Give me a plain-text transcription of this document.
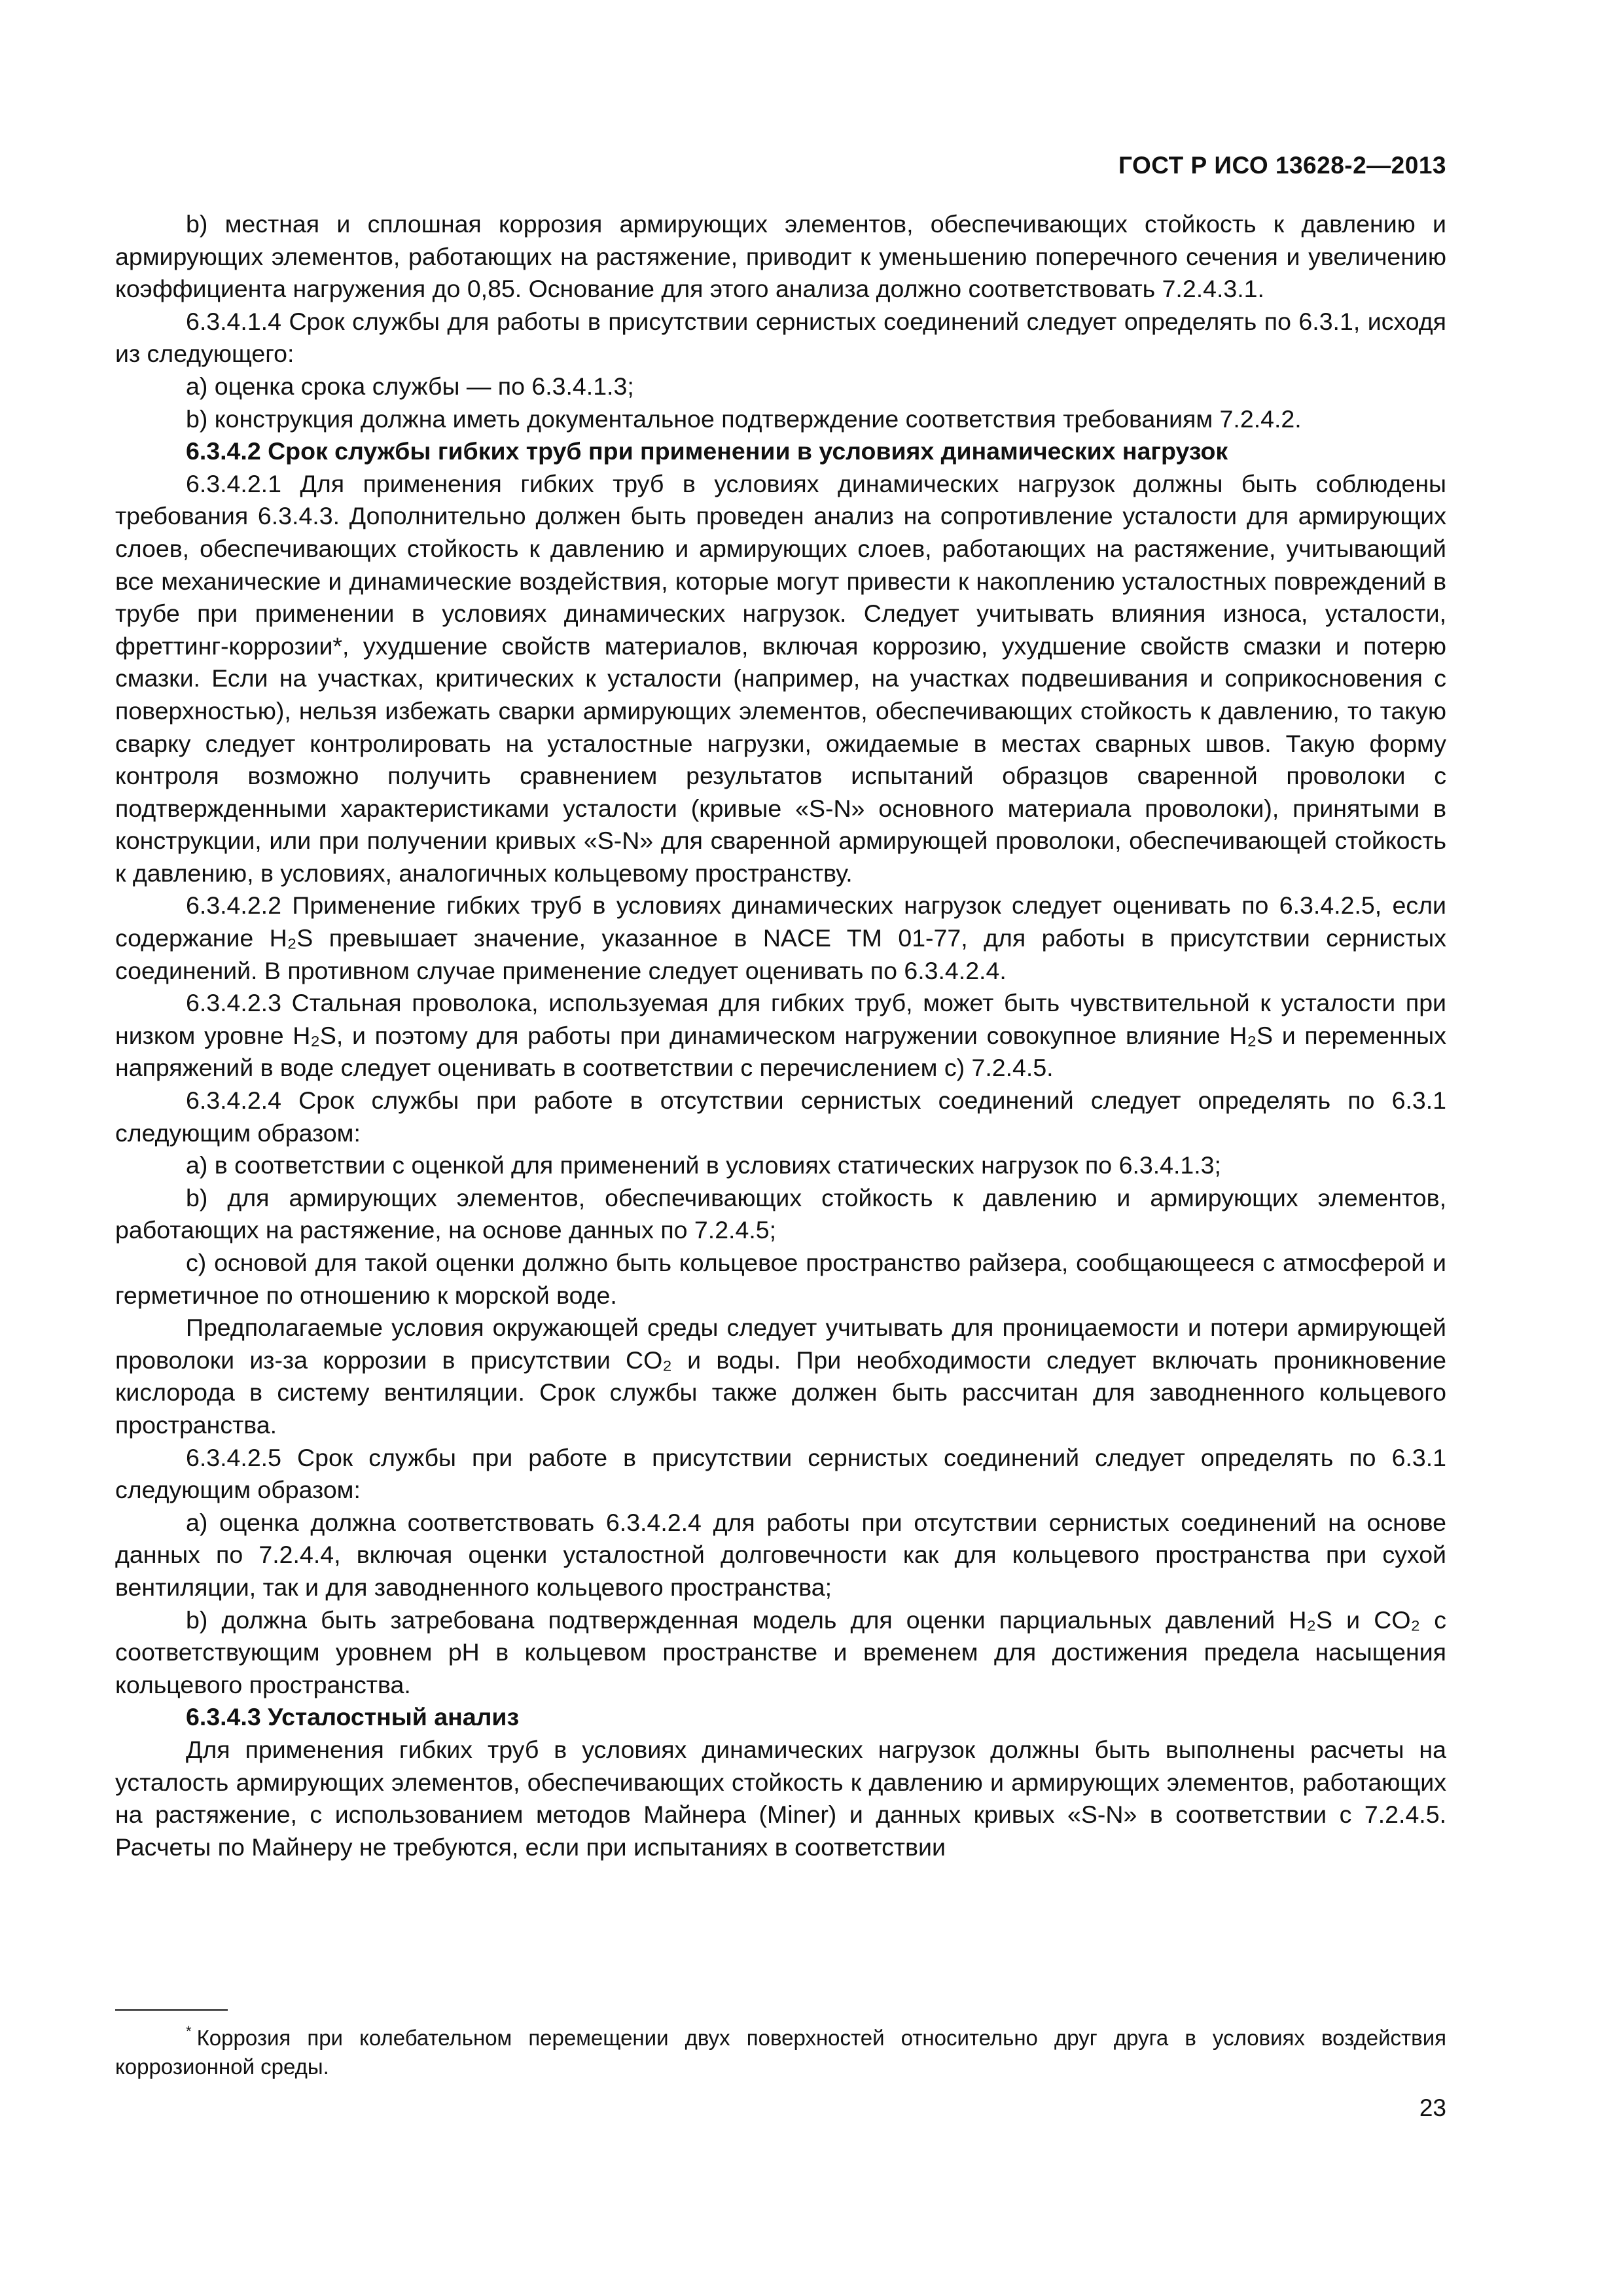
ГОСТ Р ИСО 13628-2—2013

b) местная и сплошная коррозия армирующих элементов, обеспечивающих стойкость к давлению и армирующих элементов, работающих на растяжение, приводит к уменьшению поперечного сечения и увеличению коэффициента нагружения до 0,85. Основание для этого анализа должно соответствовать 7.2.4.3.1.

6.3.4.1.4 Срок службы для работы в присутствии сернистых соединений следует определять по 6.3.1, исходя из следующего:

a) оценка срока службы — по 6.3.4.1.3;

b) конструкция должна иметь документальное подтверждение соответствия требованиям 7.2.4.2.

6.3.4.2 Срок службы гибких труб при применении в условиях динамических нагрузок

6.3.4.2.1 Для применения гибких труб в условиях динамических нагрузок должны быть соблюдены требования 6.3.4.3. Дополнительно должен быть проведен анализ на сопротивление усталости для армирующих слоев, обеспечивающих стойкость к давлению и армирующих слоев, работающих на растяжение, учитывающий все механические и динамические воздействия, которые могут привести к накоплению усталостных повреждений в трубе при применении в условиях динамических нагрузок. Следует учитывать влияния износа, усталости, фреттинг-коррозии*, ухудшение свойств материалов, включая коррозию, ухудшение свойств смазки и потерю смазки. Если на участках, критических к усталости (например, на участках подвешивания и соприкосновения с поверхностью), нельзя избежать сварки армирующих элементов, обеспечивающих стойкость к давлению, то такую сварку следует контролировать на усталостные нагрузки, ожидаемые в местах сварных швов. Такую форму контроля возможно получить сравнением результатов испытаний образцов сваренной проволоки с подтвержденными характеристиками усталости (кривые «S-N» основного материала проволоки), принятыми в конструкции, или при получении кривых «S-N» для сваренной армирующей проволоки, обеспечивающей стойкость к давлению, в условиях, аналогичных кольцевому пространству.

6.3.4.2.2 Применение гибких труб в условиях динамических нагрузок следует оценивать по 6.3.4.2.5, если содержание H₂S превышает значение, указанное в NACE TM 01-77, для работы в присутствии сернистых соединений. В противном случае применение следует оценивать по 6.3.4.2.4.

6.3.4.2.3 Стальная проволока, используемая для гибких труб, может быть чувствительной к усталости при низком уровне H₂S, и поэтому для работы при динамическом нагружении совокупное влияние H₂S и переменных напряжений в воде следует оценивать в соответствии с перечислением с) 7.2.4.5.

6.3.4.2.4 Срок службы при работе в отсутствии сернистых соединений следует определять по 6.3.1 следующим образом:

a) в соответствии с оценкой для применений в условиях статических нагрузок по 6.3.4.1.3;

b) для армирующих элементов, обеспечивающих стойкость к давлению и армирующих элементов, работающих на растяжение, на основе данных по 7.2.4.5;

c) основой для такой оценки должно быть кольцевое пространство райзера, сообщающееся с атмосферой и герметичное по отношению к морской воде.

Предполагаемые условия окружающей среды следует учитывать для проницаемости и потери армирующей проволоки из-за коррозии в присутствии CO₂ и воды. При необходимости следует включать проникновение кислорода в систему вентиляции. Срок службы также должен быть рассчитан для заводненного кольцевого пространства.

6.3.4.2.5 Срок службы при работе в присутствии сернистых соединений следует определять по 6.3.1 следующим образом:

a) оценка должна соответствовать 6.3.4.2.4 для работы при отсутствии сернистых соединений на основе данных по 7.2.4.4, включая оценки усталостной долговечности как для кольцевого пространства при сухой вентиляции, так и для заводненного кольцевого пространства;

b) должна быть затребована подтвержденная модель для оценки парциальных давлений H₂S и CO₂ с соответствующим уровнем pH в кольцевом пространстве и временем для достижения предела насыщения кольцевого пространства.

6.3.4.3 Усталостный анализ

Для применения гибких труб в условиях динамических нагрузок должны быть выполнены расчеты на усталость армирующих элементов, обеспечивающих стойкость к давлению и армирующих элементов, работающих на растяжение, с использованием методов Майнера (Miner) и данных кривых «S-N» в соответствии с 7.2.4.5. Расчеты по Майнеру не требуются, если при испытаниях в соответствии

* Коррозия при колебательном перемещении двух поверхностей относительно друг друга в условиях воздействия коррозионной среды.

23
